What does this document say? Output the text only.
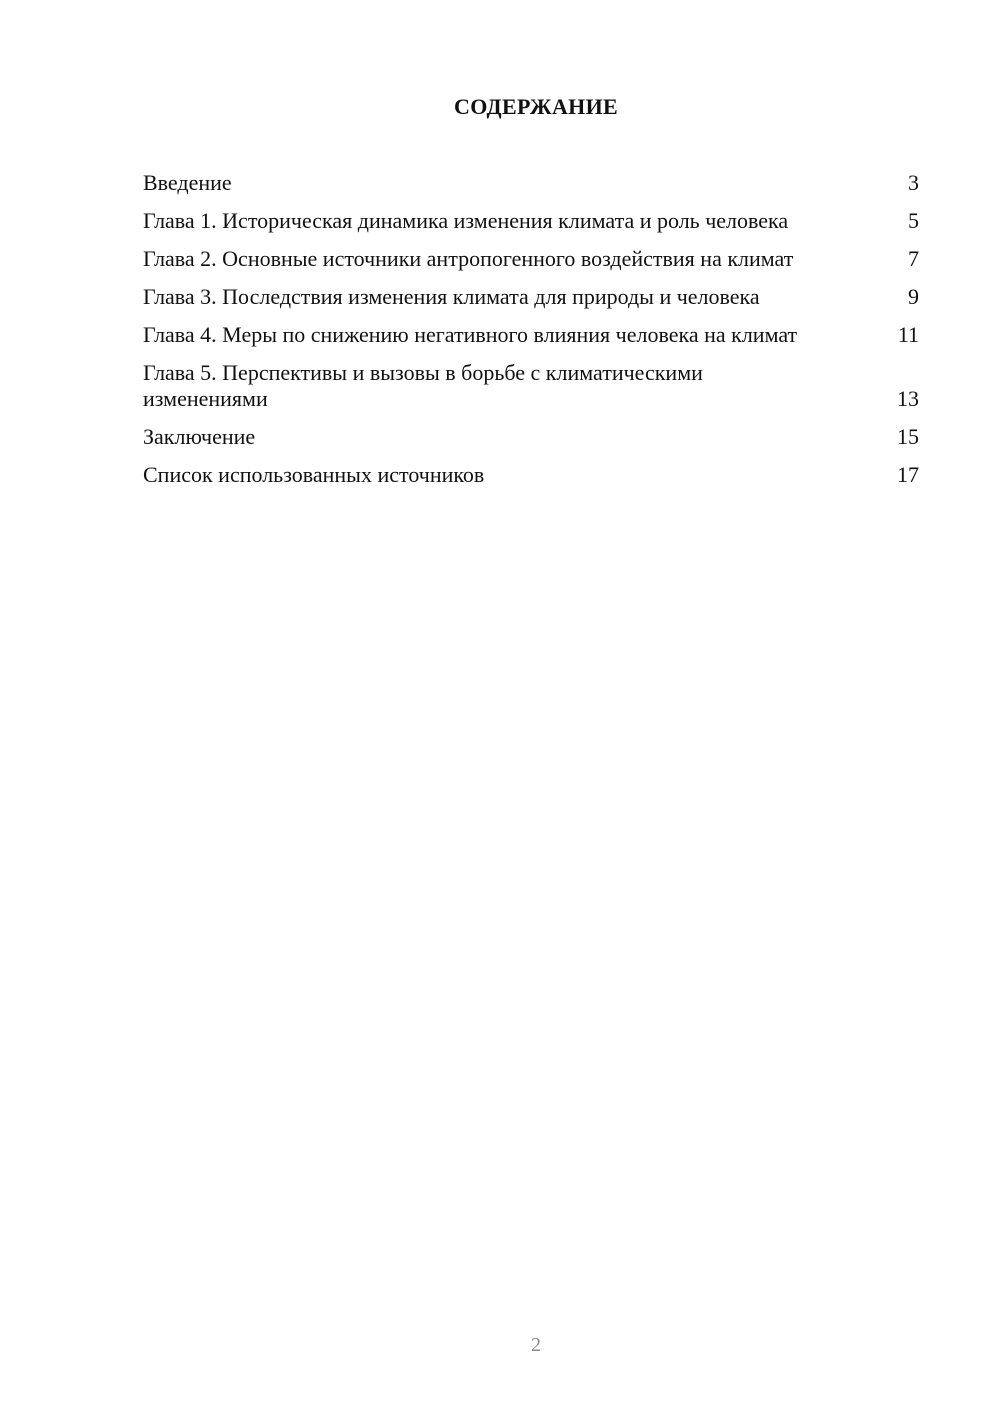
СОДЕРЖАНИЕ
Введение	3
Глава 1. Историческая динамика изменения климата и роль человека	5
Глава 2. Основные источники антропогенного воздействия на климат	7
Глава 3. Последствия изменения климата для природы и человека	9
Глава 4. Меры по снижению негативного влияния человека на климат	11
Глава 5. Перспективы и вызовы в борьбе с климатическими изменениями	13
Заключение	15
Список использованных источников	17
2
